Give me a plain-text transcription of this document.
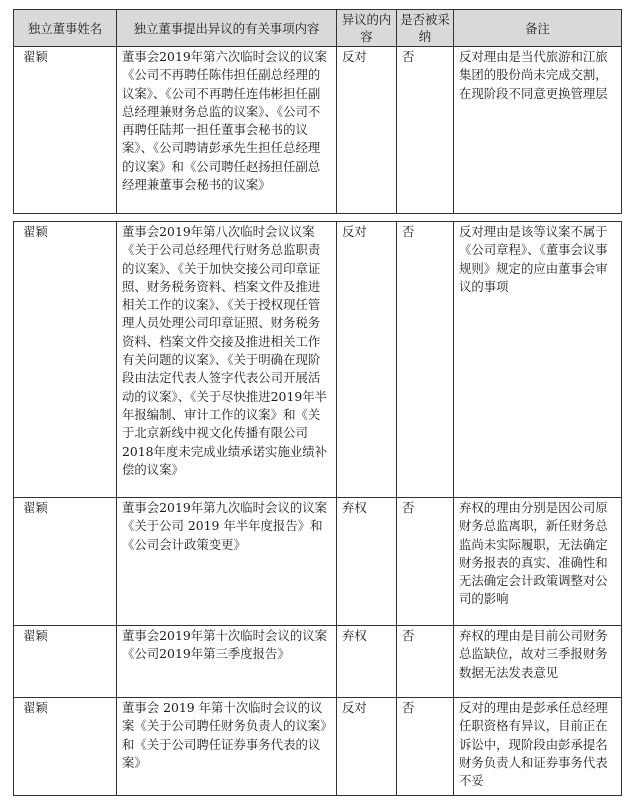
独立董事姓名	独立董事提出异议的有关事项内容	异议的内容	是否被采纳	备注
翟颖	董事会2019年第六次临时会议的议案《公司不再聘任陈伟担任副总经理的议案》、《公司不再聘任连伟彬担任副总经理兼财务总监的议案》、《公司不再聘任陆邦一担任董事会秘书的议案》、《公司聘请彭承先生担任总经理的议案》和《公司聘任赵扬担任副总经理兼董事会秘书的议案》	反对	否	反对理由是当代旅游和江旅集团的股份尚未完成交割，在现阶段不同意更换管理层
翟颖	董事会2019年第八次临时会议议案《关于公司总经理代行财务总监职责的议案》、《关于加快交接公司印章证照、财务税务资料、档案文件及推进相关工作的议案》、《关于授权现任管理人员处理公司印章证照、财务税务资料、档案文件交接及推进相关工作有关问题的议案》、《关于明确在现阶段由法定代表人签字代表公司开展活动的议案》、《关于尽快推进2019年半年报编制、审计工作的议案》和《关于北京新线中视文化传播有限公司2018年度未完成业绩承诺实施业绩补偿的议案》	反对	否	反对理由是该等议案不属于《公司章程》、《董事会议事规则》规定的应由董事会审议的事项
翟颖	董事会2019年第九次临时会议的议案《关于公司 2019 年半年度报告》和《公司会计政策变更》	弃权	否	弃权的理由分别是因公司原财务总监离职，新任财务总监尚未实际履职，无法确定财务报表的真实、准确性和无法确定会计政策调整对公司的影响
翟颖	董事会2019年第十次临时会议的议案《公司2019年第三季度报告》	弃权	否	弃权的理由是目前公司财务总监缺位，故对三季报财务数据无法发表意见
翟颖	董事会 2019 年第十次临时会议的议案《关于公司聘任财务负责人的议案》和《关于公司聘任证券事务代表的议案》	反对	否	反对的理由是彭承任总经理任职资格有异议，目前正在诉讼中，现阶段由彭承提名财务负责人和证券事务代表不妥
